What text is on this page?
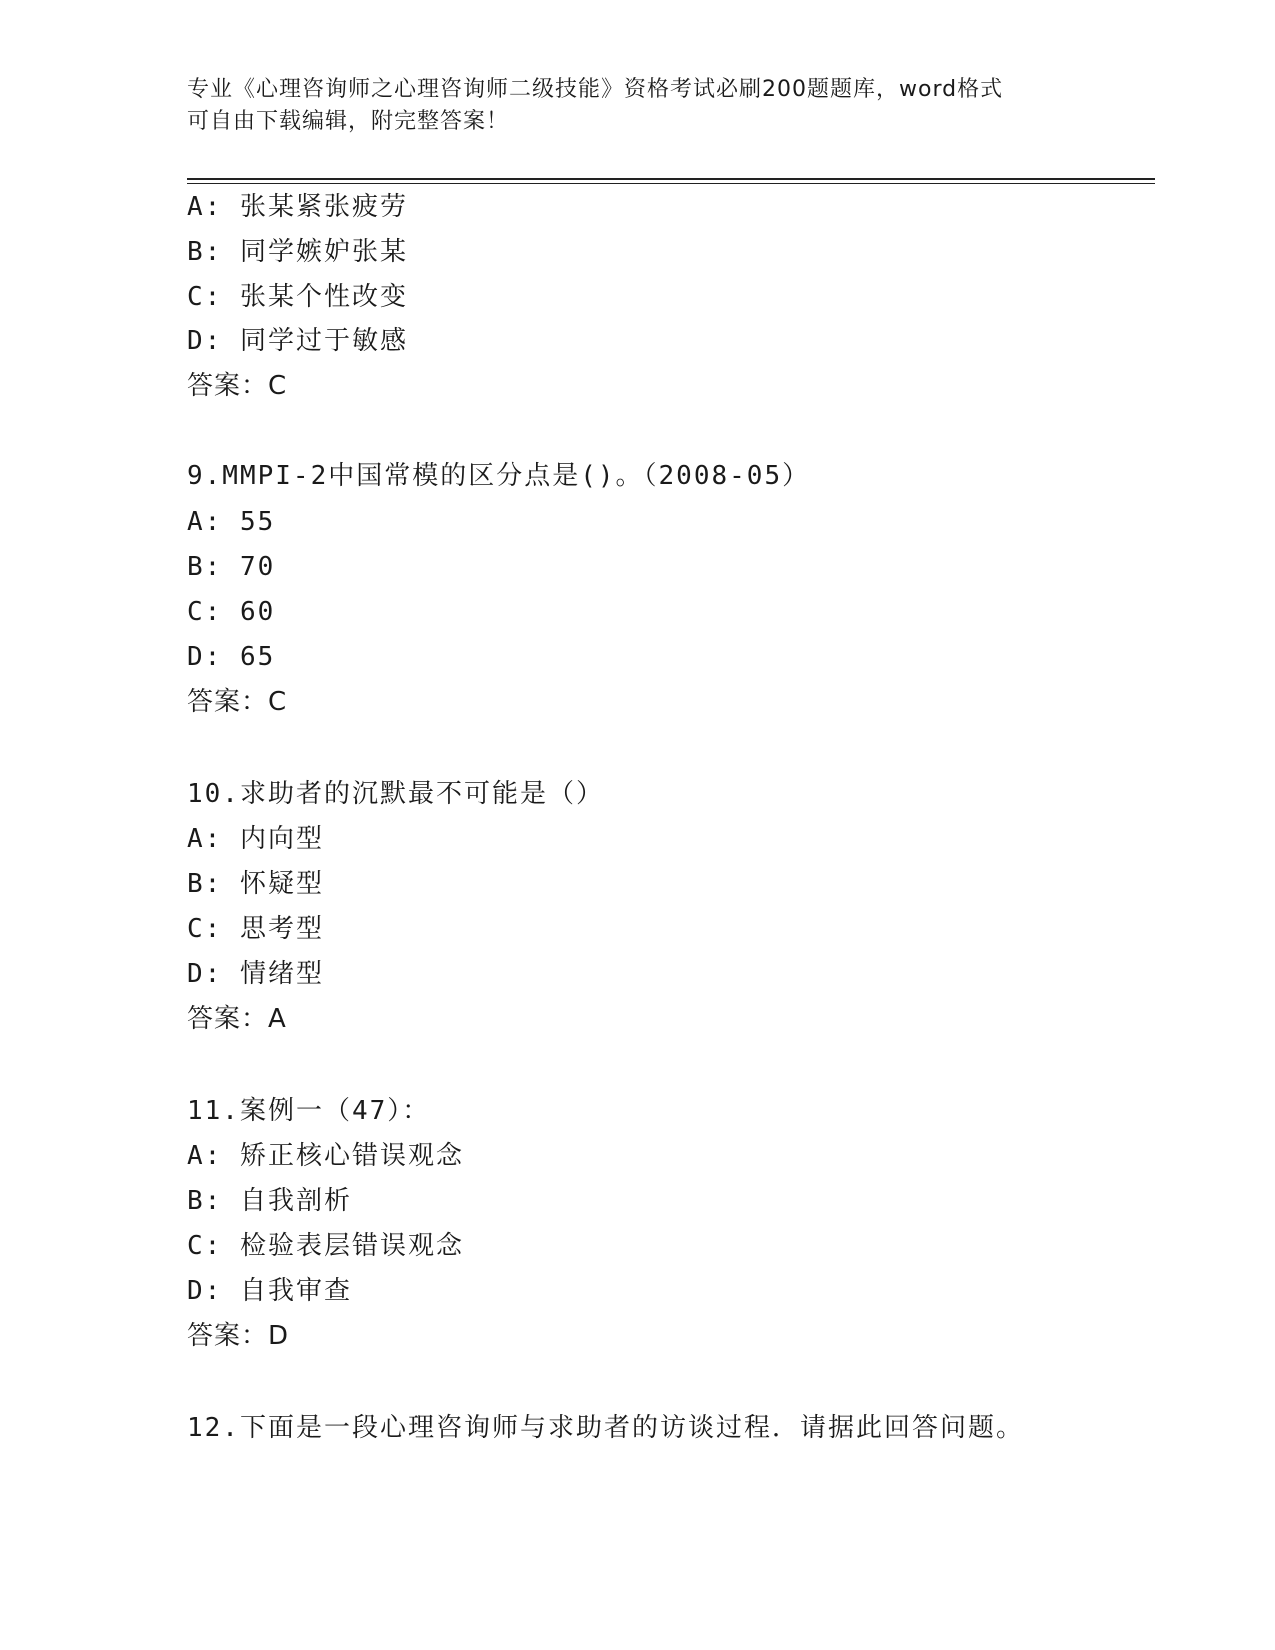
专业《心理咨询师之心理咨询师二级技能》资格考试必刷200题题库，word格式
可自由下载编辑，附完整答案！
A: 张某紧张疲劳
B: 同学嫉妒张某
C: 张某个性改变
D: 同学过于敏感
答案：C
9.MMPI-2中国常模的区分点是()。（2008-05）
A: 55
B: 70
C: 60
D: 65
答案：C
10.求助者的沉默最不可能是（）
A: 内向型
B: 怀疑型
C: 思考型
D: 情绪型
答案：A
11.案例一（47）：
A: 矫正核心错误观念
B: 自我剖析
C: 检验表层错误观念
D: 自我审查
答案：D
12.下面是一段心理咨询师与求助者的访谈过程．请据此回答问题。
